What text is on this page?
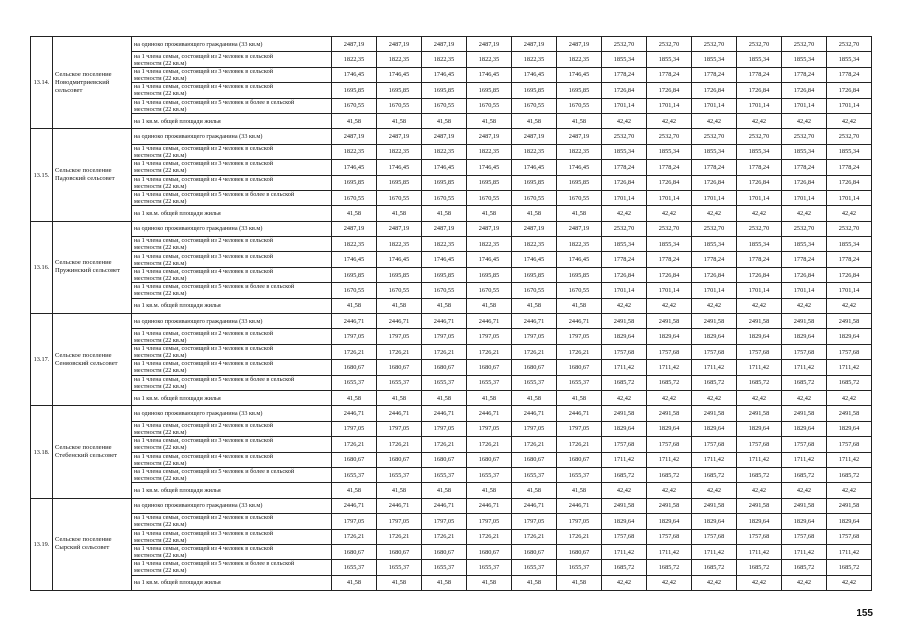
13.14.	Сельское поселение
Новодмитриевский
сельсовет	на одиноко проживающего гражданина (33 кв.м)	2487,19	2487,19	2487,19	2487,19	2487,19	2487,19	2532,70	2532,70	2532,70	2532,70	2532,70	2532,70

		на 1 члена семьи, состоящей из 2 человек в сельской
местности (22 кв.м)	1822,35	1822,35	1822,35	1822,35	1822,35	1822,35	1855,34	1855,34	1855,34	1855,34	1855,34	1855,34

		на 1 члена семьи, состоящей из 3 человек в сельской
местности (22 кв.м)	1746,45	1746,45	1746,45	1746,45	1746,45	1746,45	1778,24	1778,24	1778,24	1778,24	1778,24	1778,24

		на 1 члена семьи, состоящей из 4 человек в сельской
местности (22 кв.м)	1695,85	1695,85	1695,85	1695,85	1695,85	1695,85	1726,84	1726,84	1726,84	1726,84	1726,84	1726,84

		на 1 члена семьи, состоящей из 5 человек и более в сельской
местности (22 кв.м)	1670,55	1670,55	1670,55	1670,55	1670,55	1670,55	1701,14	1701,14	1701,14	1701,14	1701,14	1701,14
		на 1 кв.м. общей площади жилья	41,58	41,58	41,58	41,58	41,58	41,58	42,42	42,42	42,42	42,42	42,42	42,42
13.15.	Сельское поселение
Падовский сельсовет	на одиноко проживающего гражданина (33 кв.м)	2487,19	2487,19	2487,19	2487,19	2487,19	2487,19	2532,70	2532,70	2532,70	2532,70	2532,70	2532,70

		на 1 члена семьи, состоящей из 2 человек в сельской
местности (22 кв.м)	1822,35	1822,35	1822,35	1822,35	1822,35	1822,35	1855,34	1855,34	1855,34	1855,34	1855,34	1855,34

		на 1 члена семьи, состоящей из 3 человек в сельской
местности (22 кв.м)	1746,45	1746,45	1746,45	1746,45	1746,45	1746,45	1778,24	1778,24	1778,24	1778,24	1778,24	1778,24

		на 1 члена семьи, состоящей из 4 человек в сельской
местности (22 кв.м)	1695,85	1695,85	1695,85	1695,85	1695,85	1695,85	1726,84	1726,84	1726,84	1726,84	1726,84	1726,84

		на 1 члена семьи, состоящей из 5 человек и более в сельской
местности (22 кв.м)	1670,55	1670,55	1670,55	1670,55	1670,55	1670,55	1701,14	1701,14	1701,14	1701,14	1701,14	1701,14
		на 1 кв.м. общей площади жилья	41,58	41,58	41,58	41,58	41,58	41,58	42,42	42,42	42,42	42,42	42,42	42,42
13.16.	Сельское поселение
Пружинский сельсовет	на одиноко проживающего гражданина (33 кв.м)	2487,19	2487,19	2487,19	2487,19	2487,19	2487,19	2532,70	2532,70	2532,70	2532,70	2532,70	2532,70

		на 1 члена семьи, состоящей из 2 человек в сельской
местности (22 кв.м)	1822,35	1822,35	1822,35	1822,35	1822,35	1822,35	1855,34	1855,34	1855,34	1855,34	1855,34	1855,34

		на 1 члена семьи, состоящей из 3 человек в сельской
местности (22 кв.м)	1746,45	1746,45	1746,45	1746,45	1746,45	1746,45	1778,24	1778,24	1778,24	1778,24	1778,24	1778,24

		на 1 члена семьи, состоящей из 4 человек в сельской
местности (22 кв.м)	1695,85	1695,85	1695,85	1695,85	1695,85	1695,85	1726,84	1726,84	1726,84	1726,84	1726,84	1726,84

		на 1 члена семьи, состоящей из 5 человек и более в сельской
местности (22 кв.м)	1670,55	1670,55	1670,55	1670,55	1670,55	1670,55	1701,14	1701,14	1701,14	1701,14	1701,14	1701,14
		на 1 кв.м. общей площади жилья	41,58	41,58	41,58	41,58	41,58	41,58	42,42	42,42	42,42	42,42	42,42	42,42
13.17.	Сельское поселение
Сеняовский сельсовет	на одиноко проживающего гражданина (33 кв.м)	2446,71	2446,71	2446,71	2446,71	2446,71	2446,71	2491,58	2491,58	2491,58	2491,58	2491,58	2491,58

		на 1 члена семьи, состоящей из 2 человек в сельской
местности (22 кв.м)	1797,05	1797,05	1797,05	1797,05	1797,05	1797,05	1829,64	1829,64	1829,64	1829,64	1829,64	1829,64

		на 1 члена семьи, состоящей из 3 человек в сельской
местности (22 кв.м)	1726,21	1726,21	1726,21	1726,21	1726,21	1726,21	1757,68	1757,68	1757,68	1757,68	1757,68	1757,68

		на 1 члена семьи, состоящей из 4 человек в сельской
местности (22 кв.м)	1680,67	1680,67	1680,67	1680,67	1680,67	1680,67	1711,42	1711,42	1711,42	1711,42	1711,42	1711,42

		на 1 члена семьи, состоящей из 5 человек и более в сельской
местности (22 кв.м)	1655,37	1655,37	1655,37	1655,37	1655,37	1655,37	1685,72	1685,72	1685,72	1685,72	1685,72	1685,72
		на 1 кв.м. общей площади жилья	41,58	41,58	41,58	41,58	41,58	41,58	42,42	42,42	42,42	42,42	42,42	42,42
13.18.	Сельское поселение
Стебенский сельсовет	на одиноко проживающего гражданина (33 кв.м)	2446,71	2446,71	2446,71	2446,71	2446,71	2446,71	2491,58	2491,58	2491,58	2491,58	2491,58	2491,58

		на 1 члена семьи, состоящей из 2 человек в сельской
местности (22 кв.м)	1797,05	1797,05	1797,05	1797,05	1797,05	1797,05	1829,64	1829,64	1829,64	1829,64	1829,64	1829,64

		на 1 члена семьи, состоящей из 3 человек в сельской
местности (22 кв.м)	1726,21	1726,21	1726,21	1726,21	1726,21	1726,21	1757,68	1757,68	1757,68	1757,68	1757,68	1757,68

		на 1 члена семьи, состоящей из 4 человек в сельской
местности (22 кв.м)	1680,67	1680,67	1680,67	1680,67	1680,67	1680,67	1711,42	1711,42	1711,42	1711,42	1711,42	1711,42

		на 1 члена семьи, состоящей из 5 человек и более в сельской
местности (22 кв.м)	1655,37	1655,37	1655,37	1655,37	1655,37	1655,37	1685,72	1685,72	1685,72	1685,72	1685,72	1685,72
		на 1 кв.м. общей площади жилья	41,58	41,58	41,58	41,58	41,58	41,58	42,42	42,42	42,42	42,42	42,42	42,42
13.19.	Сельское поселение
Сырский сельсовет	на одиноко проживающего гражданина (33 кв.м)	2446,71	2446,71	2446,71	2446,71	2446,71	2446,71	2491,58	2491,58	2491,58	2491,58	2491,58	2491,58

		на 1 члена семьи, состоящей из 2 человек в сельской
местности (22 кв.м)	1797,05	1797,05	1797,05	1797,05	1797,05	1797,05	1829,64	1829,64	1829,64	1829,64	1829,64	1829,64

		на 1 члена семьи, состоящей из 3 человек в сельской
местности (22 кв.м)	1726,21	1726,21	1726,21	1726,21	1726,21	1726,21	1757,68	1757,68	1757,68	1757,68	1757,68	1757,68

		на 1 члена семьи, состоящей из 4 человек в сельской
местности (22 кв.м)	1680,67	1680,67	1680,67	1680,67	1680,67	1680,67	1711,42	1711,42	1711,42	1711,42	1711,42	1711,42

		на 1 члена семьи, состоящей из 5 человек и более в сельской
местности (22 кв.м)	1655,37	1655,37	1655,37	1655,37	1655,37	1655,37	1685,72	1685,72	1685,72	1685,72	1685,72	1685,72
		на 1 кв.м. общей площади жилья	41,58	41,58	41,58	41,58	41,58	41,58	42,42	42,42	42,42	42,42	42,42	42,42
155
